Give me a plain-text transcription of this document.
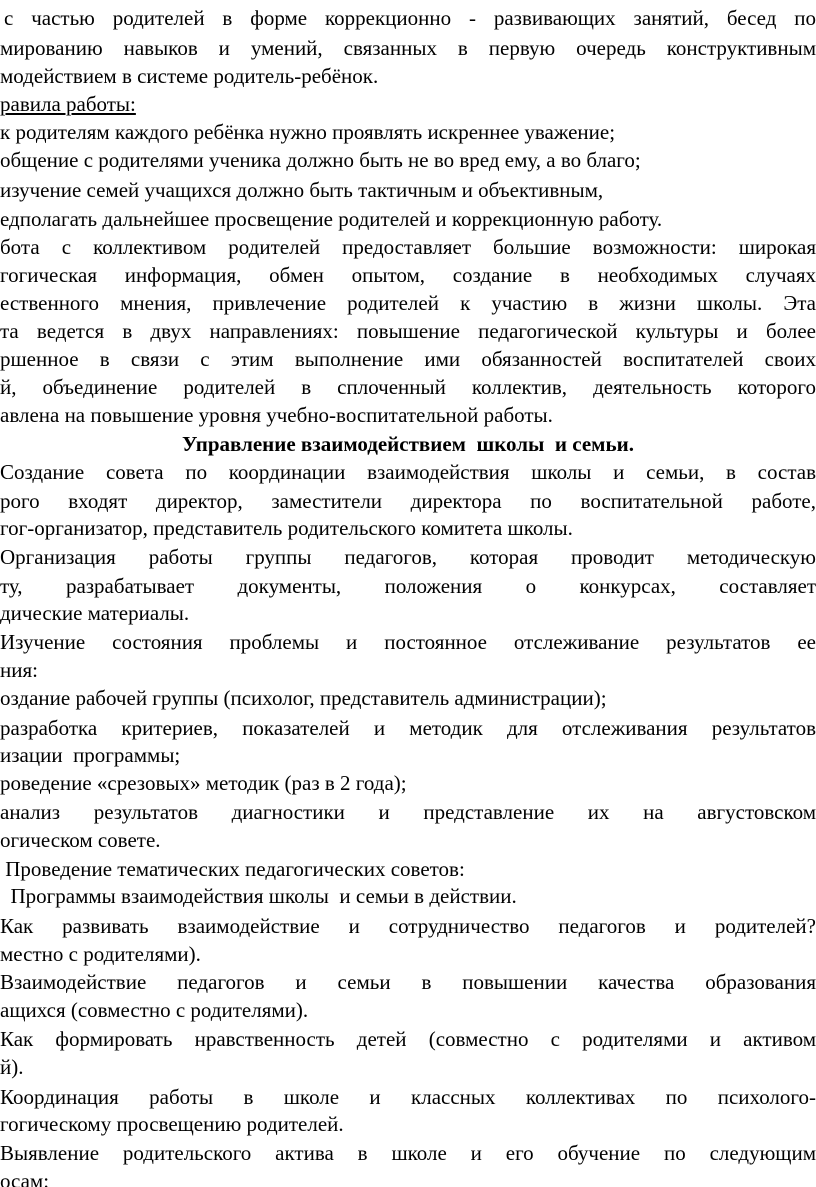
с частью родителей в форме коррекционно - развивающих занятий, бесед по
мированию навыков и умений, связанных в первую очередь конструктивным
модействием в системе родитель-ребёнок.
равила работы:
к родителям каждого ребёнка нужно проявлять искреннее уважение;
общение с родителями ученика должно быть не во вред ему, а во благо;
изучение семей учащихся должно быть тактичным и объективным,
едполагать дальнейшее просвещение родителей и коррекционную работу.
бота с коллективом родителей предоставляет большие возможности: широкая
гогическая информация, обмен опытом, создание в необходимых случаях
ественного мнения, привлечение родителей к участию в жизни школы. Эта
та ведется в двух направлениях: повышение педагогической культуры и более
ршенное в связи с этим выполнение ими обязанностей воспитателей своих
й, объединение родителей в сплоченный коллектив, деятельность которого
авлена на повышение уровня учебно-воспитательной работы.
Управление взаимодействием  школы  и семьи.
Создание совета по координации взаимодействия школы и семьи, в состав
рого входят директор, заместители директора по воспитательной работе,
гог-организатор, представитель родительского комитета школы.
Организация работы группы педагогов, которая проводит методическую
ту, разрабатывает документы, положения о конкурсах, составляет
дические материалы.
Изучение состояния проблемы и постоянное отслеживание результатов ее
ния:
оздание рабочей группы (психолог, представитель администрации);
разработка критериев, показателей и методик для отслеживания результатов
изации  программы;
роведение «срезовых» методик (раз в 2 года);
анализ результатов диагностики и представление их на августовском
огическом совете.
Проведение тематических педагогических советов:
Программы взаимодействия школы  и семьи в действии.
Как развивать взаимодействие и сотрудничество педагогов и родителей?
местно с родителями).
Взаимодействие педагогов и семьи в повышении качества образования
ащихся (совместно с родителями).
Как формировать нравственность детей (совместно с родителями и активом
й).
Координация работы в школе и классных коллективах по психолого-
гогическому просвещению родителей.
Выявление родительского актива в школе и его обучение по следующим
осам:
